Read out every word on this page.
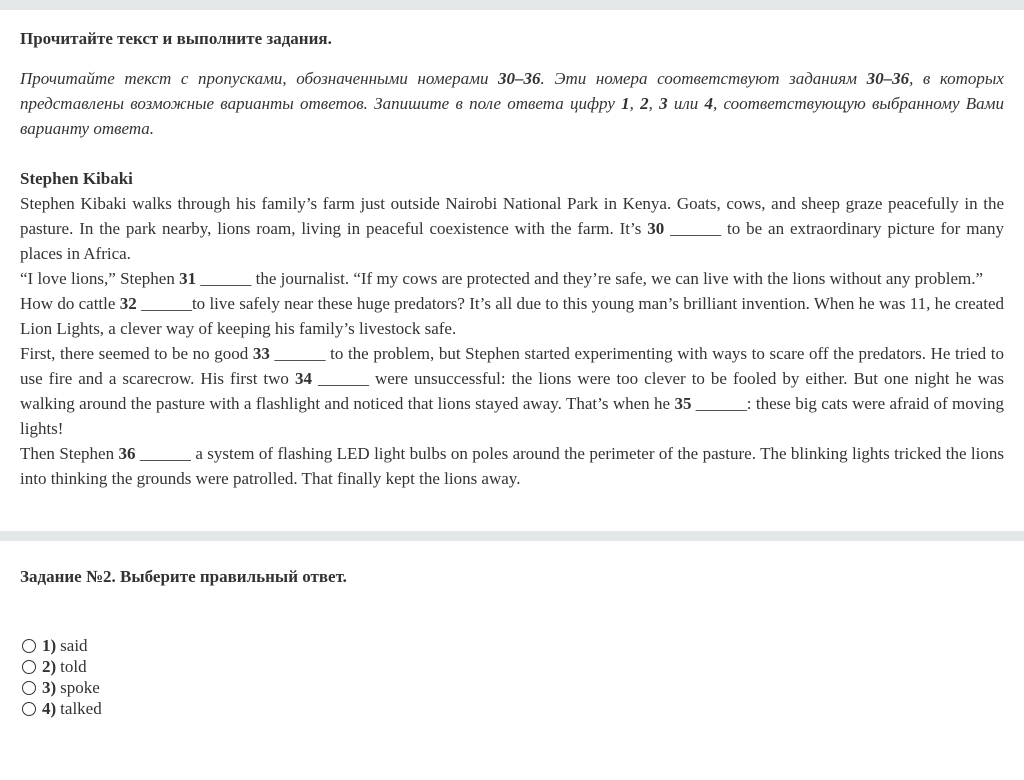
Прочитайте текст и выполните задания.

Прочитайте текст с пропусками, обозначенными номерами 30–36. Эти номера соответствуют заданиям 30–36, в которых представлены возможные варианты ответов. Запишите в поле ответа цифру 1, 2, 3 или 4, соответствующую выбранному Вами варианту ответа.

Stephen Kibaki

Stephen Kibaki walks through his family’s farm just outside Nairobi National Park in Kenya. Goats, cows, and sheep graze peacefully in the pasture. In the park nearby, lions roam, living in peaceful coexistence with the farm. It’s 30 ______ to be an extraordinary picture for many places in Africa.

“I love lions,” Stephen 31 ______ the journalist. “If my cows are protected and they’re safe, we can live with the lions without any problem.”

How do cattle 32 ______to live safely near these huge predators? It’s all due to this young man’s brilliant invention. When he was 11, he created Lion Lights, a clever way of keeping his family’s livestock safe.

First, there seemed to be no good 33 ______ to the problem, but Stephen started experimenting with ways to scare off the predators. He tried to use fire and a scarecrow. His first two 34 ______ were unsuccessful: the lions were too clever to be fooled by either. But one night he was walking around the pasture with a flashlight and noticed that lions stayed away. That’s when he 35 ______: these big cats were afraid of moving lights!

Then Stephen 36 ______ a system of flashing LED light bulbs on poles around the perimeter of the pasture. The blinking lights tricked the lions into thinking the grounds were patrolled. That finally kept the lions away.

Задание №2. Выберите правильный ответ.

1) said
2) told
3) spoke
4) talked
